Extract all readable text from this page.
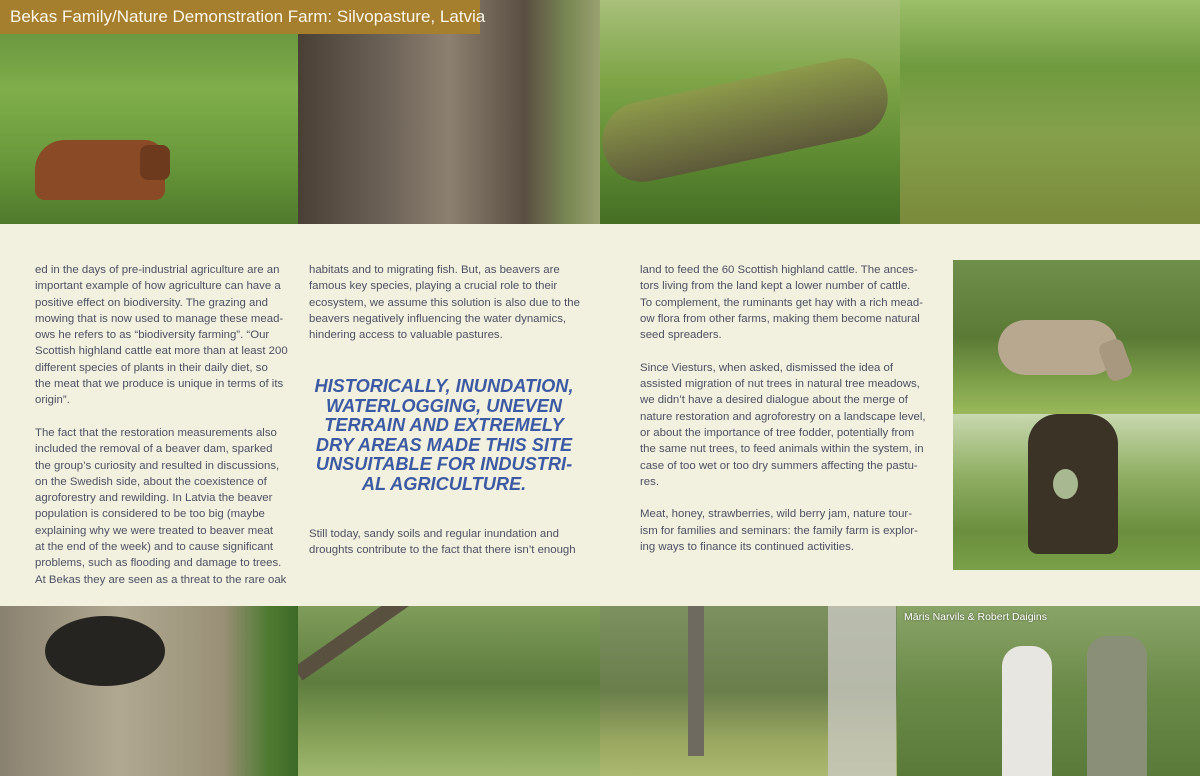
Bekas Family/Nature Demonstration Farm: Silvopasture, Latvia
ed in the days of pre-industrial agriculture are an
important example of how agriculture can have a
positive effect on biodiversity. The grazing and
mowing that is now used to manage these mead-
ows he refers to as “biodiversity farming”. “Our
Scottish highland cattle eat more than at least 200
different species of plants in their daily diet, so
the meat that we produce is unique in terms of its
origin”.
The fact that the restoration measurements also
included the removal of a beaver dam, sparked
the group’s curiosity and resulted in discussions,
on the Swedish side, about the coexistence of
agroforestry and rewilding. In Latvia the beaver
population is considered to be too big (maybe
explaining why we were treated to beaver meat
at the end of the week) and to cause significant
problems, such as flooding and damage to trees.
At Bekas they are seen as a threat to the rare oak
habitats and to migrating fish. But, as beavers are
famous key species, playing a crucial role to their
ecosystem, we assume this solution is also due to the
beavers negatively influencing the water dynamics,
hindering access to valuable pastures.
Still today, sandy soils and regular inundation and
droughts contribute to the fact that there isn’t enough
HISTORICALLY, INUNDATION,
WATERLOGGING, UNEVEN
TERRAIN AND EXTREMELY
DRY AREAS MADE THIS SITE
UNSUITABLE FOR INDUSTRI-
AL AGRICULTURE.
land to feed the 60 Scottish highland cattle. The ances-
tors living from the land kept a lower number of cattle.
To complement, the ruminants get hay with a rich mead-
ow flora from other farms, making them become natural
seed spreaders.
Since Viesturs, when asked, dismissed the idea of
assisted migration of nut trees in natural tree meadows,
we didn’t have a desired dialogue about the merge of
nature restoration and agroforestry on a landscape level,
or about the importance of tree fodder, potentially from
the same nut trees, to feed animals within the system, in
case of too wet or too dry summers affecting the pastu-
res.
Meat, honey, strawberries, wild berry jam, nature tour-
ism for families and seminars: the family farm is explor-
ing ways to finance its continued activities.
Māris Narvils & Robert Daigins
